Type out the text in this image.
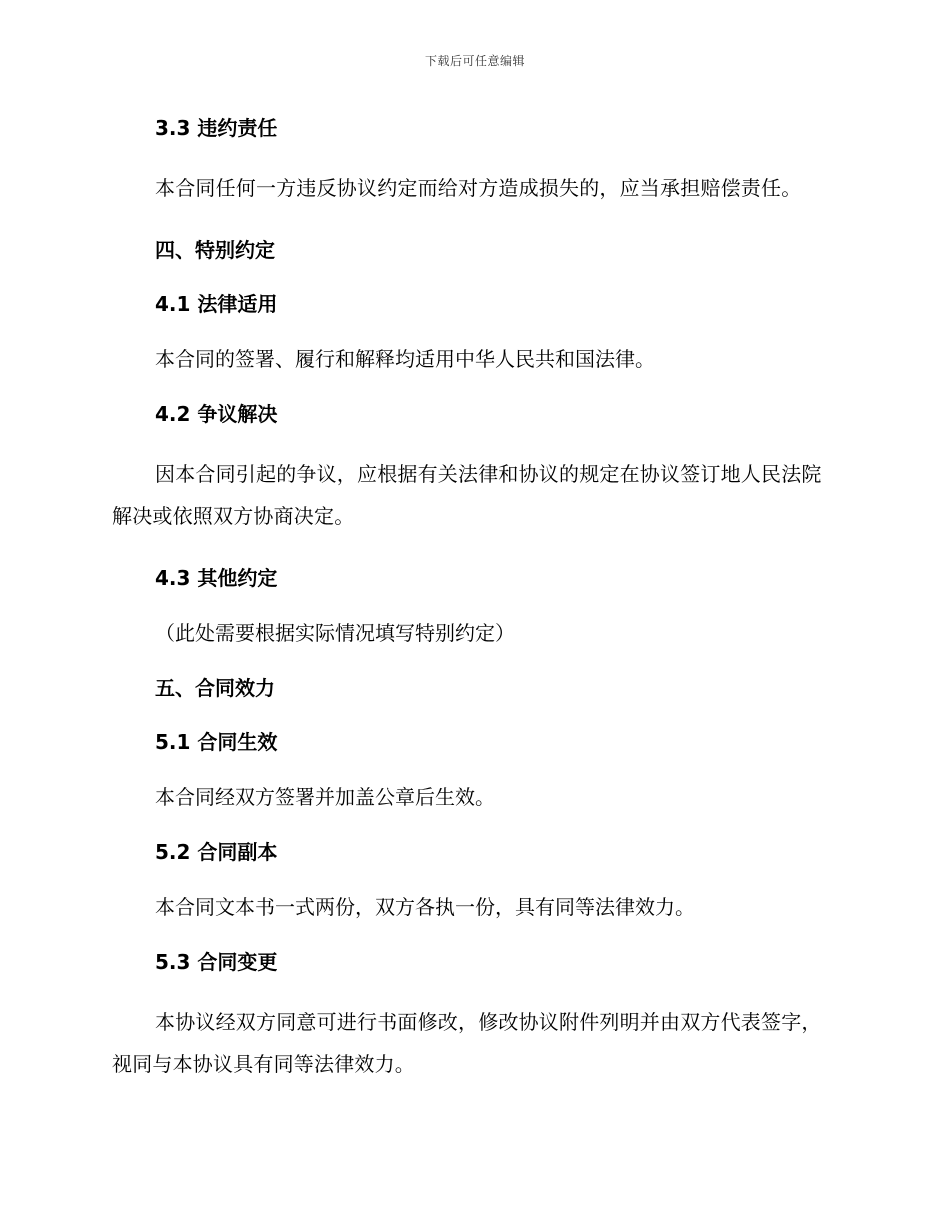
下载后可任意编辑
3.3 违约责任
本合同任何一方违反协议约定而给对方造成损失的，应当承担赔偿责任。
四、特别约定
4.1 法律适用
本合同的签署、履行和解释均适用中华人民共和国法律。
4.2 争议解决
因本合同引起的争议，应根据有关法律和协议的规定在协议签订地人民法院解决或依照双方协商决定。
4.3 其他约定
（此处需要根据实际情况填写特别约定）
五、合同效力
5.1 合同生效
本合同经双方签署并加盖公章后生效。
5.2 合同副本
本合同文本书一式两份，双方各执一份，具有同等法律效力。
5.3 合同变更
本协议经双方同意可进行书面修改，修改协议附件列明并由双方代表签字，视同与本协议具有同等法律效力。
